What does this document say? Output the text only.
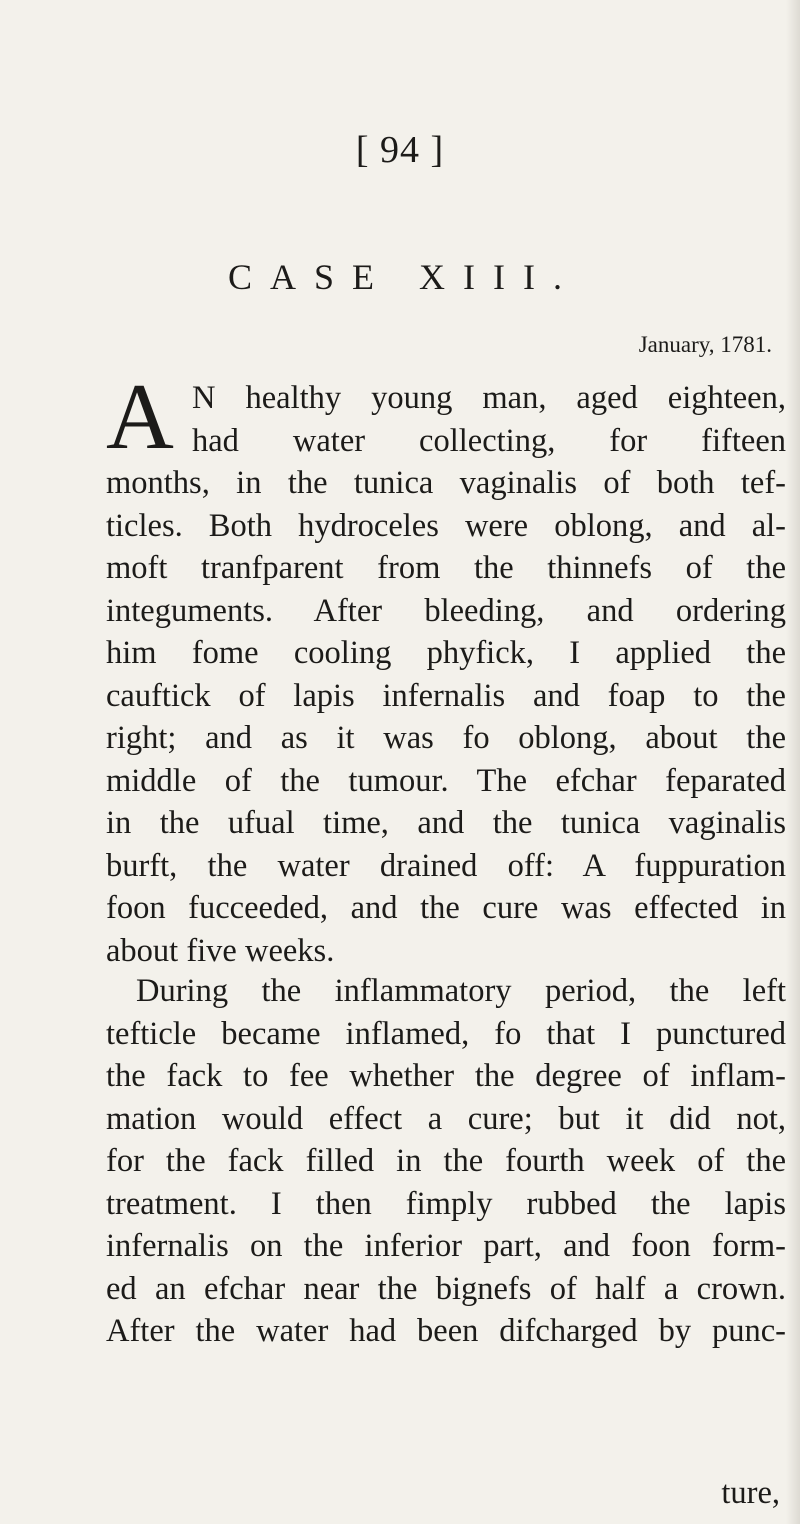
[ 94 ]
CASE XIII.
January, 1781.
A N healthy young man, aged eighteen,
had water collecting, for fifteen
months, in the tunica vaginalis of both tef-
ticles. Both hydroceles were oblong, and al-
moft tranfparent from the thinnefs of the
integuments. After bleeding, and ordering
him fome cooling phyfick, I applied the
cauftick of lapis infernalis and foap to the
right; and as it was fo oblong, about the
middle of the tumour. The efchar feparated
in the ufual time, and the tunica vaginalis
burft, the water drained off: A fuppuration
foon fucceeded, and the cure was effected in
about five weeks.
During the inflammatory period, the left
tefticle became inflamed, fo that I punctured
the fack to fee whether the degree of inflam-
mation would effect a cure; but it did not,
for the fack filled in the fourth week of the
treatment. I then fimply rubbed the lapis
infernalis on the inferior part, and foon form-
ed an efchar near the bignefs of half a crown.
After the water had been difcharged by punc-
ture,
